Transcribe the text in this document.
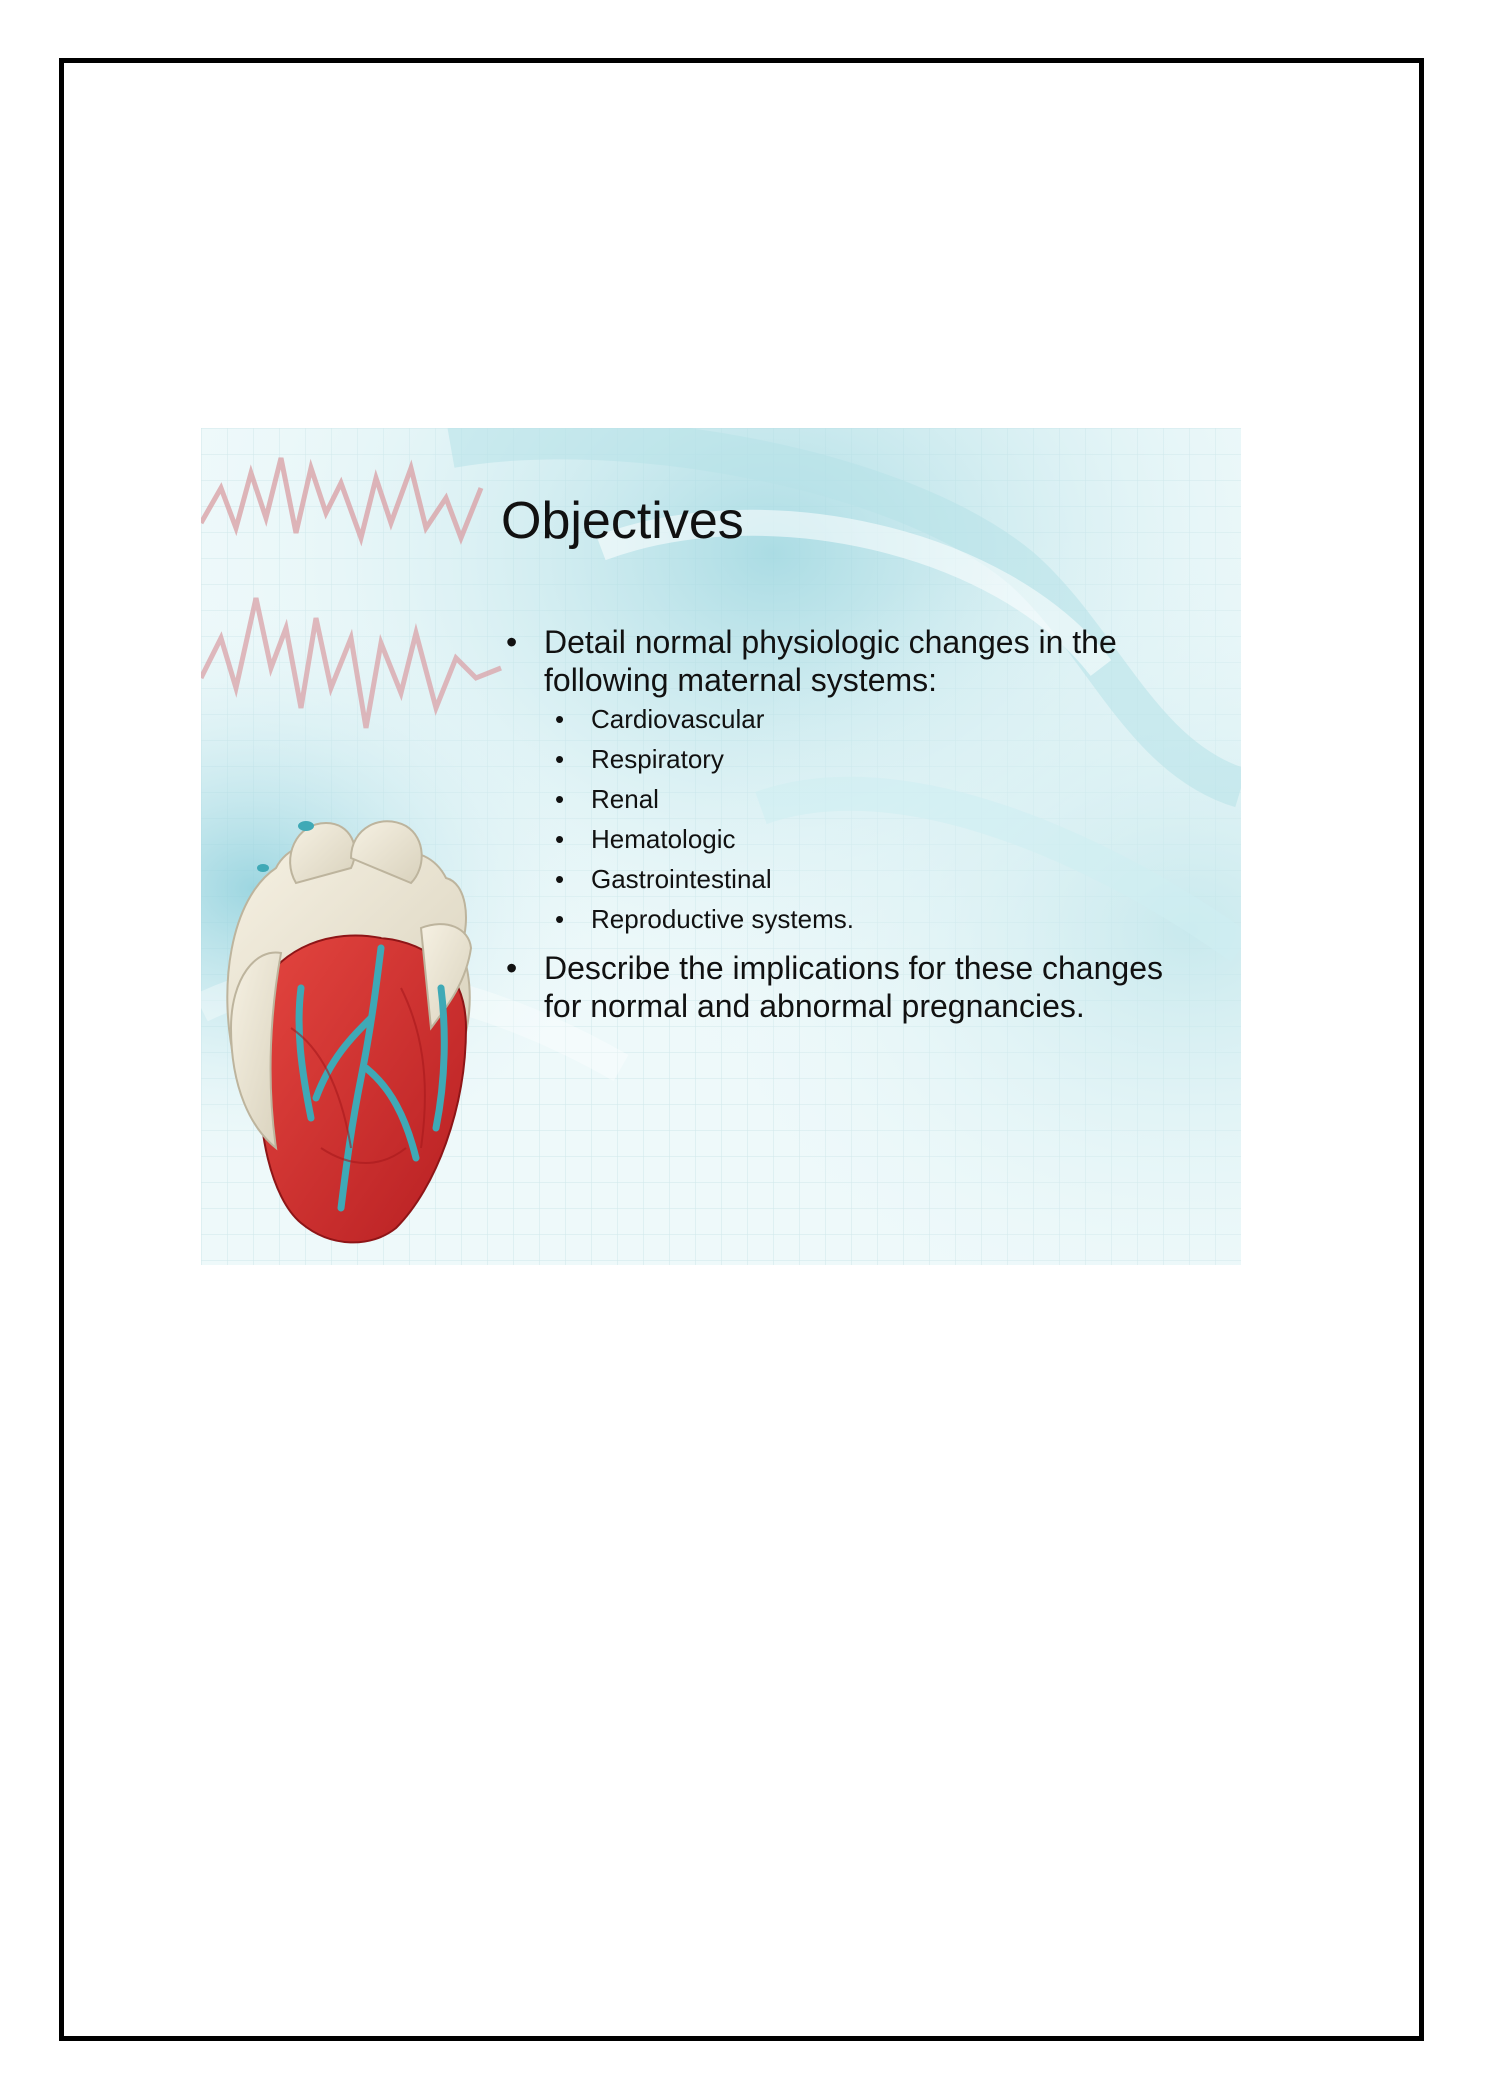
Objectives
• Detail normal physiologic changes in the
following maternal systems:
• Cardiovascular
• Respiratory
• Renal
• Hematologic
• Gastrointestinal
• Reproductive systems.
• Describe the implications for these changes
for normal and abnormal pregnancies.
